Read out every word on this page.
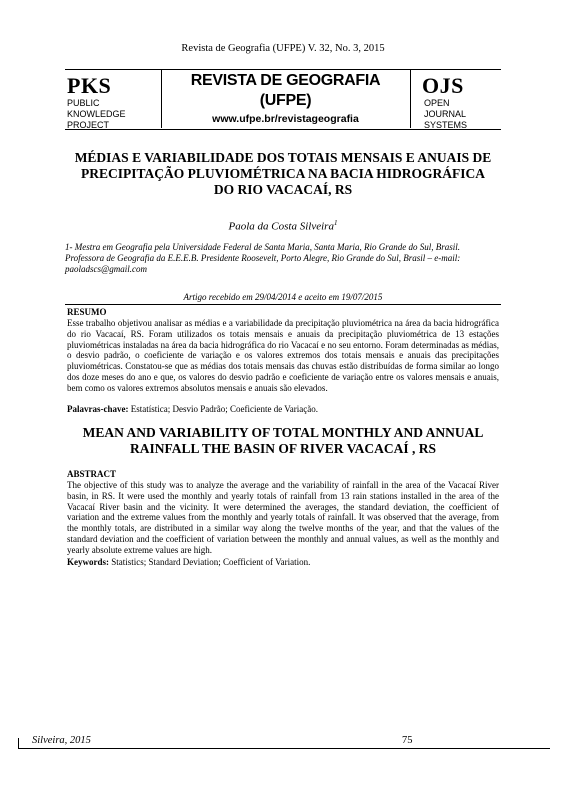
Revista de Geografia (UFPE) V. 32, No. 3, 2015
PKS
PUBLIC
KNOWLEDGE
PROJECT
REVISTA DE GEOGRAFIA
(UFPE)
www.ufpe.br/revistageografia
OJS
OPEN
JOURNAL
SYSTEMS
MÉDIAS E VARIABILIDADE DOS TOTAIS MENSAIS E ANUAIS DE PRECIPITAÇÃO PLUVIOMÉTRICA NA BACIA HIDROGRÁFICA DO RIO VACACAÍ, RS
Paola da Costa Silveira$^1$
1- Mestra em Geografia pela Universidade Federal de Santa Maria, Santa Maria, Rio Grande do Sul, Brasil. Professora de Geografia da E.E.E.B. Presidente Roosevelt, Porto Alegre, Rio Grande do Sul, Brasil – e-mail: paoladscs@gmail.com
Artigo recebido em 29/04/2014 e aceito em 19/07/2015
RESUMO
Esse trabalho objetivou analisar as médias e a variabilidade da precipitação pluviométrica na área da bacia hidrográfica do rio Vacacaí, RS. Foram utilizados os totais mensais e anuais da precipitação pluviométrica de 13 estações pluviométricas instaladas na área da bacia hidrográfica do rio Vacacaí e no seu entorno. Foram determinadas as médias, o desvio padrão, o coeficiente de variação e os valores extremos dos totais mensais e anuais das precipitações pluviométricas. Constatou-se que as médias dos totais mensais das chuvas estão distribuídas de forma similar ao longo dos doze meses do ano e que, os valores do desvio padrão e coeficiente de variação entre os valores mensais e anuais, bem como os valores extremos absolutos mensais e anuais são elevados.
Palavras-chave: Estatística; Desvio Padrão; Coeficiente de Variação.
MEAN AND VARIABILITY OF TOTAL MONTHLY AND ANNUAL RAINFALL THE BASIN OF RIVER VACACAÍ , RS
ABSTRACT
The objective of this study was to analyze the average and the variability of rainfall in the area of the Vacacaí River basin, in RS. It were used the monthly and yearly totals of rainfall from 13 rain stations installed in the area of the Vacacaí River basin and the vicinity. It were determined the averages, the standard deviation, the coefficient of variation and the extreme values from the monthly and yearly totals of rainfall. It was observed that the average, from the monthly totals, are distributed in a similar way along the twelve months of the year, and that the values of the standard deviation and the coefficient of variation between the monthly and annual values, as well as the monthly and yearly absolute extreme values are high.
Keywords: Statistics; Standard Deviation; Coefficient of Variation.
Silveira, 2015	75
